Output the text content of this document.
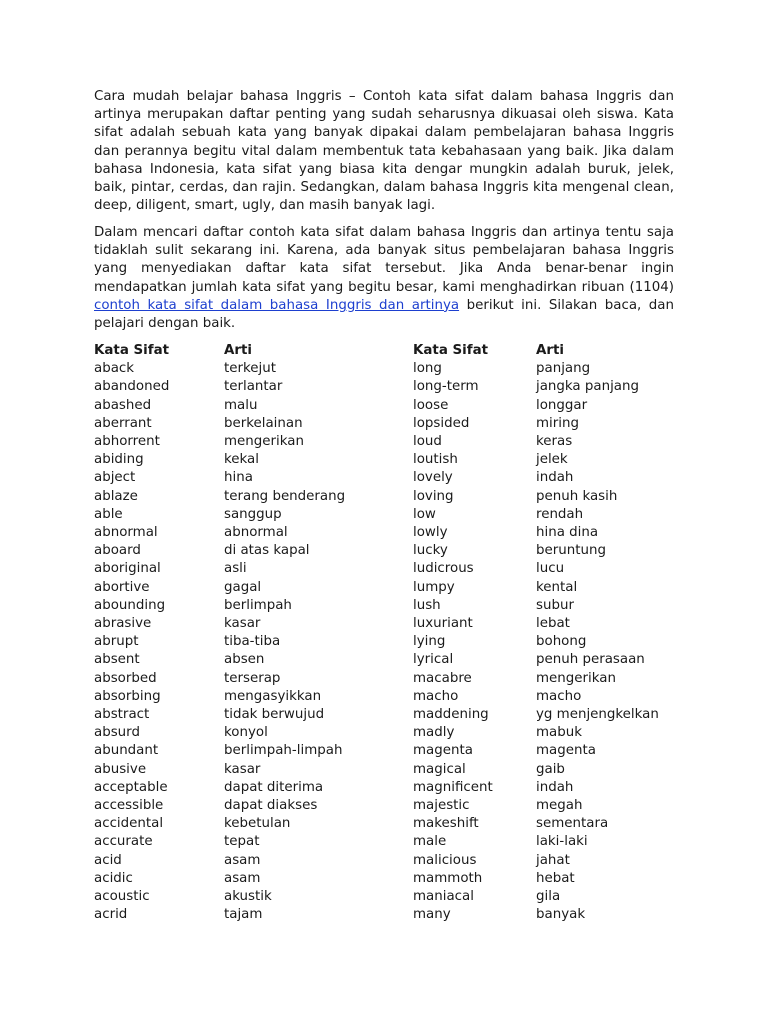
Cara mudah belajar bahasa Inggris – Contoh kata sifat dalam bahasa Inggris dan artinya merupakan daftar penting yang sudah seharusnya dikuasai oleh siswa. Kata sifat adalah sebuah kata yang banyak dipakai dalam pembelajaran bahasa Inggris dan perannya begitu vital dalam membentuk tata kebahasaan yang baik. Jika dalam bahasa Indonesia, kata sifat yang biasa kita dengar mungkin adalah buruk, jelek, baik, pintar, cerdas, dan rajin. Sedangkan, dalam bahasa Inggris kita mengenal clean, deep, diligent, smart, ugly, dan masih banyak lagi.

Dalam mencari daftar contoh kata sifat dalam bahasa Inggris dan artinya tentu saja tidaklah sulit sekarang ini. Karena, ada banyak situs pembelajaran bahasa Inggris yang menyediakan daftar kata sifat tersebut. Jika Anda benar-benar ingin mendapatkan jumlah kata sifat yang begitu besar, kami menghadirkan ribuan (1104) contoh kata sifat dalam bahasa Inggris dan artinya berikut ini. Silakan baca, dan pelajari dengan baik.

Kata Sifat
aback
abandoned
abashed
aberrant
abhorrent
abiding
abject
ablaze
able
abnormal
aboard
aboriginal
abortive
abounding
abrasive
abrupt
absent
absorbed
absorbing
abstract
absurd
abundant
abusive
acceptable
accessible
accidental
accurate
acid
acidic
acoustic
acrid
Arti
terkejut
terlantar
malu
berkelainan
mengerikan
kekal
hina
terang benderang
sanggup
abnormal
di atas kapal
asli
gagal
berlimpah
kasar
tiba-tiba
absen
terserap
mengasyikkan
tidak berwujud
konyol
berlimpah-limpah
kasar
dapat diterima
dapat diakses
kebetulan
tepat
asam
asam
akustik
tajam
Kata Sifat
long
long-term
loose
lopsided
loud
loutish
lovely
loving
low
lowly
lucky
ludicrous
lumpy
lush
luxuriant
lying
lyrical
macabre
macho
maddening
madly
magenta
magical
magnificent
majestic
makeshift
male
malicious
mammoth
maniacal
many
Arti
panjang
jangka panjang
longgar
miring
keras
jelek
indah
penuh kasih
rendah
hina dina
beruntung
lucu
kental
subur
lebat
bohong
penuh perasaan
mengerikan
macho
yg menjengkelkan
mabuk
magenta
gaib
indah
megah
sementara
laki-laki
jahat
hebat
gila
banyak
